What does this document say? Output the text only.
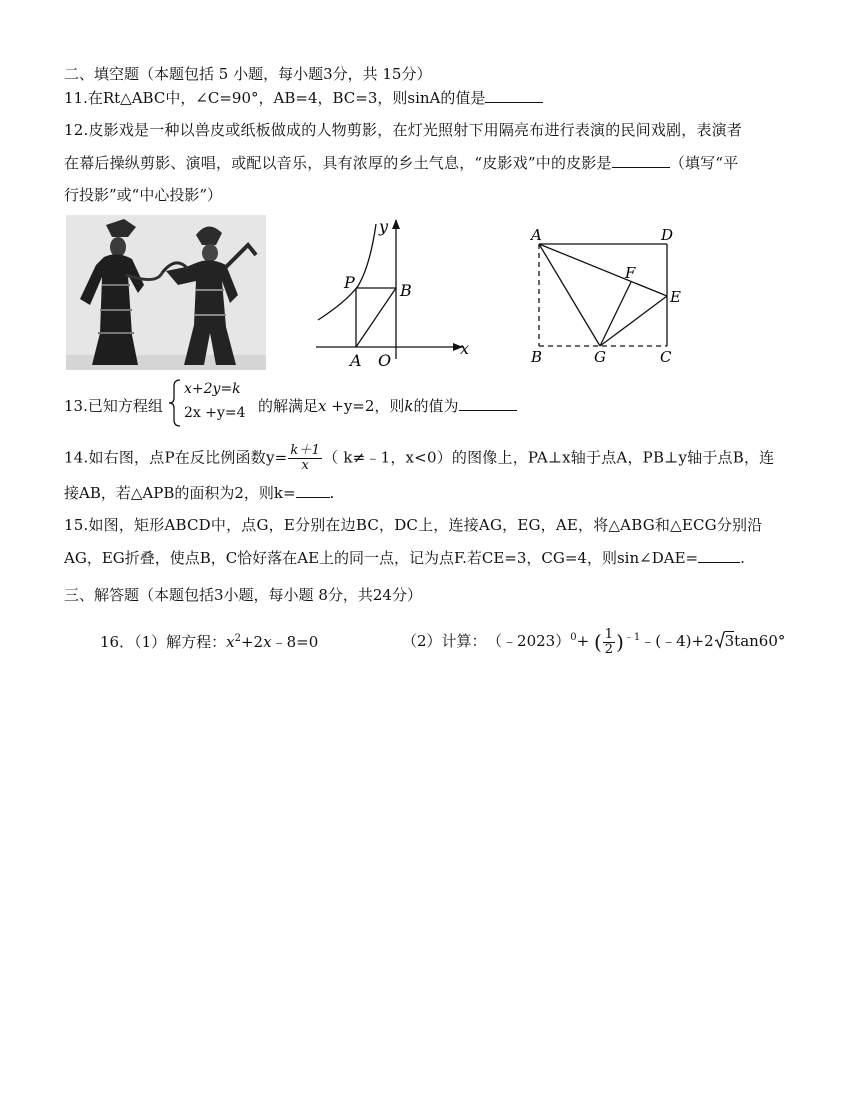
二、填空题（本题包括 5 小题，每小题3分，共 15分）
11.在Rt△ABC中，∠C=90°，AB=4，BC=3，则sinA的值是
12.皮影戏是一种以兽皮或纸板做成的人物剪影，在灯光照射下用隔亮布进行表演的民间戏剧，表演者
在幕后操纵剪影、演唱，或配以音乐，具有浓厚的乡土气息，“皮影戏”中的皮影是	（填写“平
行投影”或“中心投影”）
y
x
P	B
A O
A	D
F
E
B	G	C
13.已知方程组
x+2y=k
2x +y=4 的解满足x +y=2，则k的值为
14.如右图，点P在反比例函数$y= \frac{k+1}{x}$ （ k≠﹣1，x<0）的图像上，PA⊥x轴于点A，PB⊥y轴于点B，连
接AB，若△APB的面积为2，则k= .
15.如图，矩形ABCD中，点G，E分别在边BC，DC上，连接AG，EG，AE，将△ABG和△ECG分别沿
AG，EG折叠，使点B，C恰好落在AE上的同一点，记为点F.若CE=3，CG=4，则sin∠DAE=	.
三、解答题（本题包括3小题，每小题 8分，共24分）
16．（1）解方程：$x^2+2x﹣8=0$	（2）计算： （﹣2023）$^0$+ ( $\frac{1}{2}$ )$^{﹣1}$﹣(﹣4)+2 3tan60°
